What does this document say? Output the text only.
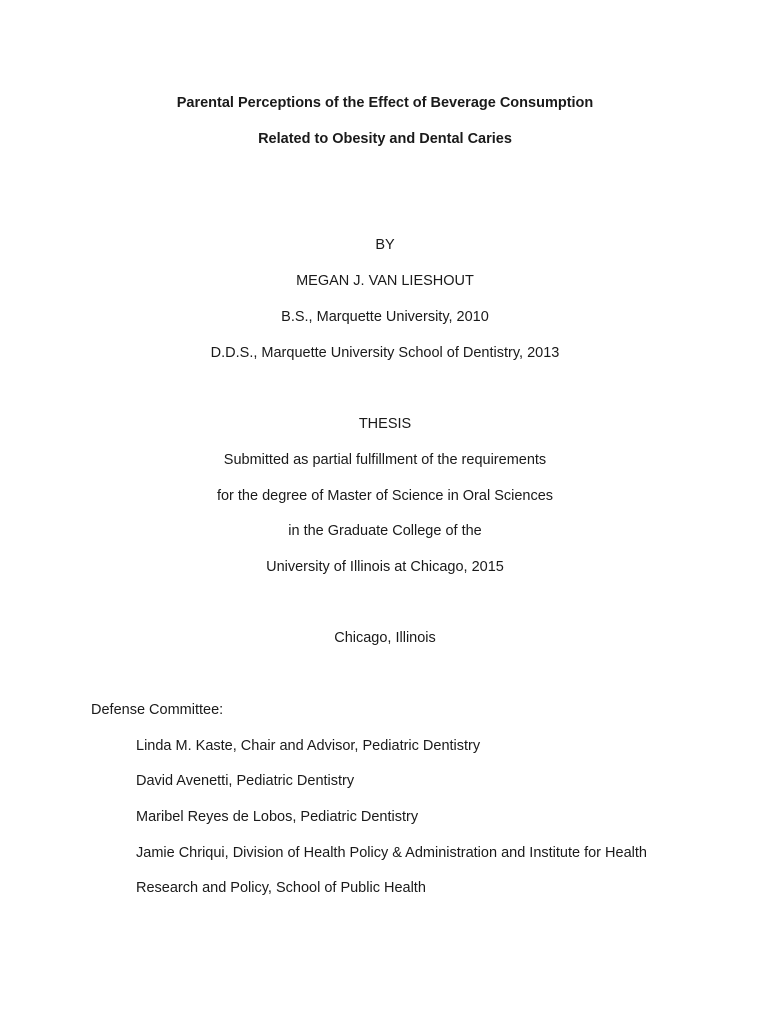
Parental Perceptions of the Effect of Beverage Consumption
Related to Obesity and Dental Caries
BY
MEGAN J. VAN LIESHOUT
B.S., Marquette University, 2010
D.D.S., Marquette University School of Dentistry, 2013
THESIS
Submitted as partial fulfillment of the requirements
for the degree of Master of Science in Oral Sciences
in the Graduate College of the
University of Illinois at Chicago, 2015
Chicago, Illinois
Defense Committee:
Linda M. Kaste, Chair and Advisor, Pediatric Dentistry
David Avenetti, Pediatric Dentistry
Maribel Reyes de Lobos, Pediatric Dentistry
Jamie Chriqui, Division of Health Policy & Administration and Institute for Health
Research and Policy, School of Public Health
